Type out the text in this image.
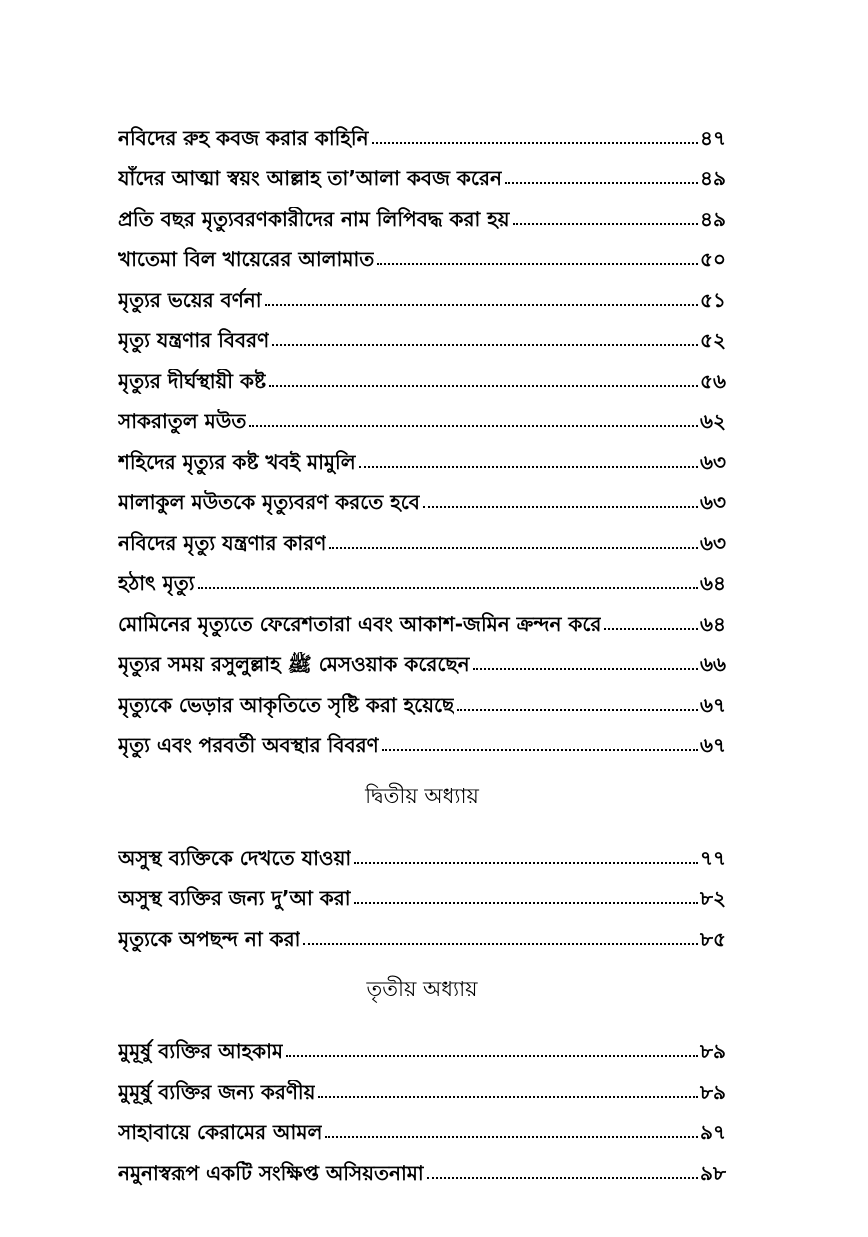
নবিদের রুহ কবজ করার কাহিনি	৪৭
যাঁদের আত্মা স্বয়ং আল্লাহ তা’আলা কবজ করেন	৪৯
প্রতি বছর মৃত্যুবরণকারীদের নাম লিপিবদ্ধ করা হয়	৪৯
খাতেমা বিল খায়েরের আলামাত	৫০
মৃত্যুর ভয়ের বর্ণনা	৫১
মৃত্যু যন্ত্রণার বিবরণ	৫২
মৃত্যুর দীর্ঘস্থায়ী কষ্ট	৫৬
সাকরাতুল মউত	৬২
শহিদের মৃত্যুর কষ্ট খবই মামুলি	৬৩
মালাকুল মউতকে মৃত্যুবরণ করতে হবে	৬৩
নবিদের মৃত্যু যন্ত্রণার কারণ	৬৩
হঠাৎ মৃত্যু	৬৪
মোমিনের মৃত্যুতে ফেরেশতারা এবং আকাশ-জমিন ক্রন্দন করে	৬৪
মৃত্যুর সময় রসুলুল্লাহ ﷺ মেসওয়াক করেছেন	৬৬
মৃত্যুকে ভেড়ার আকৃতিতে সৃষ্টি করা হয়েছে	৬৭
মৃত্যু এবং পরবর্তী অবস্থার বিবরণ	৬৭
দ্বিতীয় অধ্যায়
অসুস্থ ব্যক্তিকে দেখতে যাওয়া	৭৭
অসুস্থ ব্যক্তির জন্য দু’আ করা	৮২
মৃত্যুকে অপছন্দ না করা	৮৫
তৃতীয় অধ্যায়
মুমূর্ষু ব্যক্তির আহকাম	৮৯
মুমূর্ষু ব্যক্তির জন্য করণীয়	৮৯
সাহাবায়ে কেরামের আমল	৯৭
নমুনাস্বরূপ একটি সংক্ষিপ্ত অসিয়তনামা	৯৮
